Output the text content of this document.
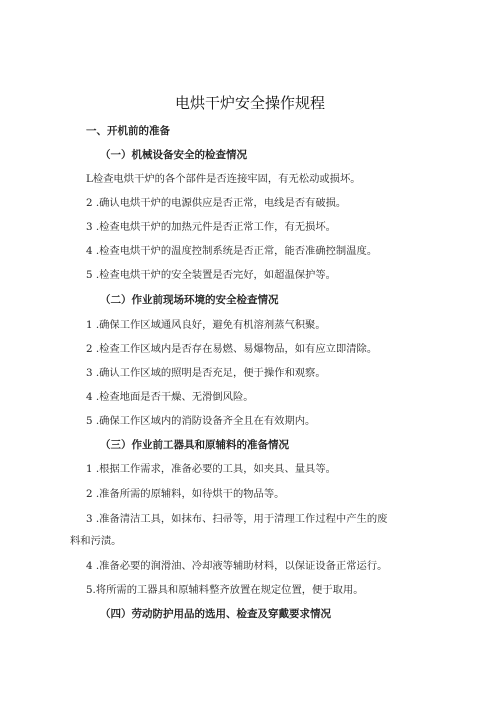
电烘干炉安全操作规程
一、开机前的准备
（一）机械设备安全的检查情况
L检查电烘干炉的各个部件是否连接牢固，有无松动或损坏。
2 .确认电烘干炉的电源供应是否正常，电线是否有破损。
3 .检查电烘干炉的加热元件是否正常工作，有无损坏。
4 .检查电烘干炉的温度控制系统是否正常，能否准确控制温度。
5 .检查电烘干炉的安全装置是否完好，如超温保护等。
（二）作业前现场环境的安全检查情况
1 .确保工作区域通风良好，避免有机溶剂蒸气积聚。
2 .检查工作区域内是否存在易燃、易爆物品，如有应立即清除。
3 .确认工作区域的照明是否充足，便于操作和观察。
4 .检查地面是否干燥、无滑倒风险。
5 .确保工作区域内的消防设备齐全且在有效期内。
（三）作业前工器具和原辅料的准备情况
1 .根据工作需求，准备必要的工具，如夹具、量具等。
2 .准备所需的原辅料，如待烘干的物品等。
3 .准备清洁工具，如抹布、扫帚等，用于清理工作过程中产生的废
料和污渍。
4 .准备必要的润滑油、冷却液等辅助材料，以保证设备正常运行。
5.将所需的工器具和原辅料整齐放置在规定位置，便于取用。
（四）劳动防护用品的选用、检查及穿戴要求情况
